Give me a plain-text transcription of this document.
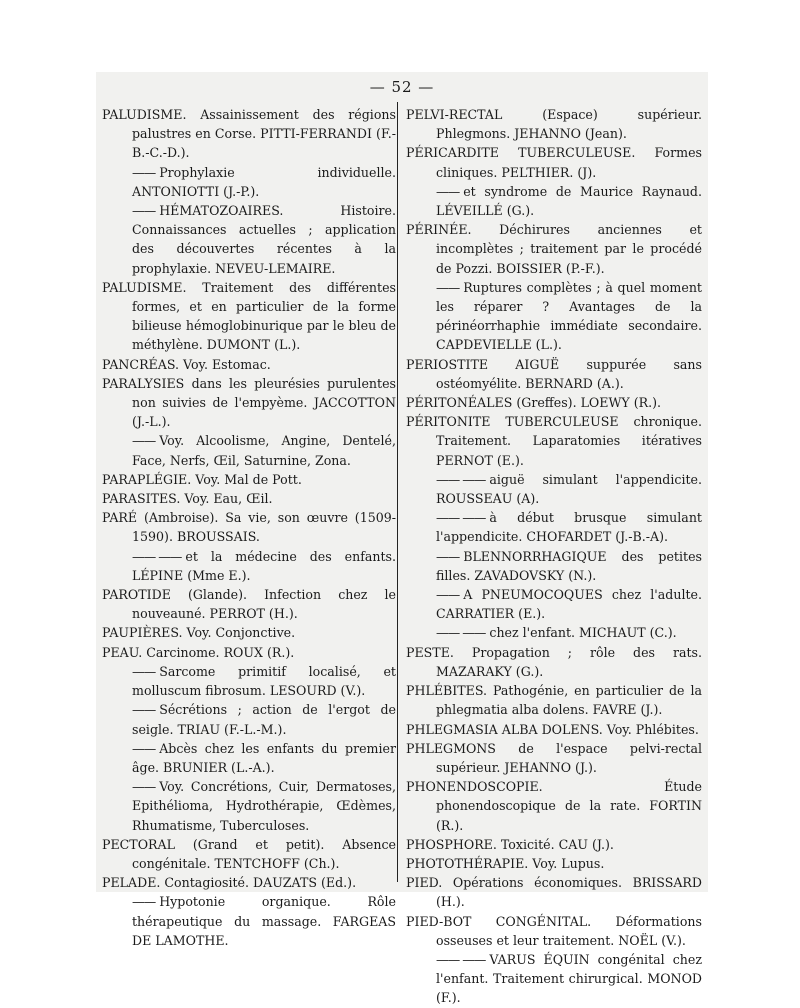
— 52 —

PALUDISME. Assainissement des régions palustres en Corse. PITTI-FERRANDI (F.-B.-C.-D.).

—— Prophylaxie individuelle. ANTONIOTTI (J.-P.).

—— HÉMATOZOAIRES. Histoire. Connaissances actuelles ; application des découvertes récentes à la prophylaxie. NEVEU-LEMAIRE.

PALUDISME. Traitement des différentes formes, et en particulier de la forme bilieuse hémoglobinurique par le bleu de méthylène. DUMONT (L.).

PANCRÉAS. Voy. Estomac.

PARALYSIES dans les pleurésies purulentes non suivies de l'empyème. JACCOTTON (J.-L.).

—— Voy. Alcoolisme, Angine, Dentelé, Face, Nerfs, Œil, Saturnine, Zona.

PARAPLÉGIE. Voy. Mal de Pott.

PARASITES. Voy. Eau, Œil.

PARÉ (Ambroise). Sa vie, son œuvre (1509-1590). BROUSSAIS.

—— —— et la médecine des enfants. LÉPINE (Mme E.).

PAROTIDE (Glande). Infection chez le nouveauné. PERROT (H.).

PAUPIÈRES. Voy. Conjonctive.

PEAU. Carcinome. ROUX (R.).

—— Sarcome primitif localisé, et molluscum fibrosum. LESOURD (V.).

—— Sécrétions ; action de l'ergot de seigle. TRIAU (F.-L.-M.).

—— Abcès chez les enfants du premier âge. BRUNIER (L.-A.).

—— Voy. Concrétions, Cuir, Dermatoses, Epithélioma, Hydrothérapie, Œdèmes, Rhumatisme, Tuberculoses.

PECTORAL (Grand et petit). Absence congénitale. TENTCHOFF (Ch.).

PELADE. Contagiosité. DAUZATS (Ed.).

—— Hypotonie organique. Rôle thérapeutique du massage. FARGEAS DE LAMOTHE.

PELVI-RECTAL (Espace) supérieur. Phlegmons. JEHANNO (Jean).

PÉRICARDITE TUBERCULEUSE. Formes cliniques. PELTHIER. (J).

—— et syndrome de Maurice Raynaud. LÉVEILLÉ (G.).

PÉRINÉE. Déchirures anciennes et incomplètes ; traitement par le procédé de Pozzi. BOISSIER (P.-F.).

—— Ruptures complètes ; à quel moment les réparer ? Avantages de la périnéorrhaphie immédiate secondaire. CAPDEVIELLE (L.).

PERIOSTITE AIGUË suppurée sans ostéomyélite. BERNARD (A.).

PÉRITONÉALES (Greffes). LOEWY (R.).

PÉRITONITE TUBERCULEUSE chronique. Traitement. Laparatomies itératives PERNOT (E.).

—— —— aiguë simulant l'appendicite. ROUSSEAU (A).

—— —— à début brusque simulant l'appendicite. CHOFARDET (J.-B.-A).

—— BLENNORRHAGIQUE des petites filles. ZAVADOVSKY (N.).

—— A PNEUMOCOQUES chez l'adulte. CARRATIER (E.).

—— —— chez l'enfant. MICHAUT (C.).

PESTE. Propagation ; rôle des rats. MAZARAKY (G.).

PHLÉBITES. Pathogénie, en particulier de la phlegmatia alba dolens. FAVRE (J.).

PHLEGMASIA ALBA DOLENS. Voy. Phlébites.

PHLEGMONS de l'espace pelvi-rectal supérieur. JEHANNO (J.).

PHONENDOSCOPIE. Étude phonendoscopique de la rate. FORTIN (R.).

PHOSPHORE. Toxicité. CAU (J.).

PHOTOTHÉRAPIE. Voy. Lupus.

PIED. Opérations économiques. BRISSARD (H.).

PIED-BOT CONGÉNITAL. Déformations osseuses et leur traitement. NOËL (V.).

—— —— VARUS ÉQUIN congénital chez l'enfant. Traitement chirurgical. MONOD (F.).
